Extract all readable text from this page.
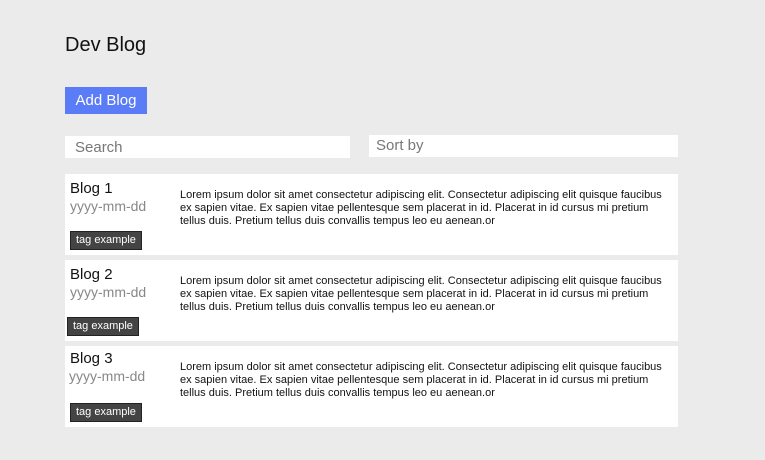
Dev Blog
Add Blog
Search
Sort by
Blog 1
yyyy-mm-dd
tag example
Lorem ipsum dolor sit amet consectetur adipiscing elit. Consectetur adipiscing elit quisque faucibus ex sapien vitae. Ex sapien vitae pellentesque sem placerat in id. Placerat in id cursus mi pretium tellus duis. Pretium tellus duis convallis tempus leo eu aenean.or
Blog 2
yyyy-mm-dd
tag example
Lorem ipsum dolor sit amet consectetur adipiscing elit. Consectetur adipiscing elit quisque faucibus ex sapien vitae. Ex sapien vitae pellentesque sem placerat in id. Placerat in id cursus mi pretium tellus duis. Pretium tellus duis convallis tempus leo eu aenean.or
Blog 3
yyyy-mm-dd
tag example
Lorem ipsum dolor sit amet consectetur adipiscing elit. Consectetur adipiscing elit quisque faucibus ex sapien vitae. Ex sapien vitae pellentesque sem placerat in id. Placerat in id cursus mi pretium tellus duis. Pretium tellus duis convallis tempus leo eu aenean.or
